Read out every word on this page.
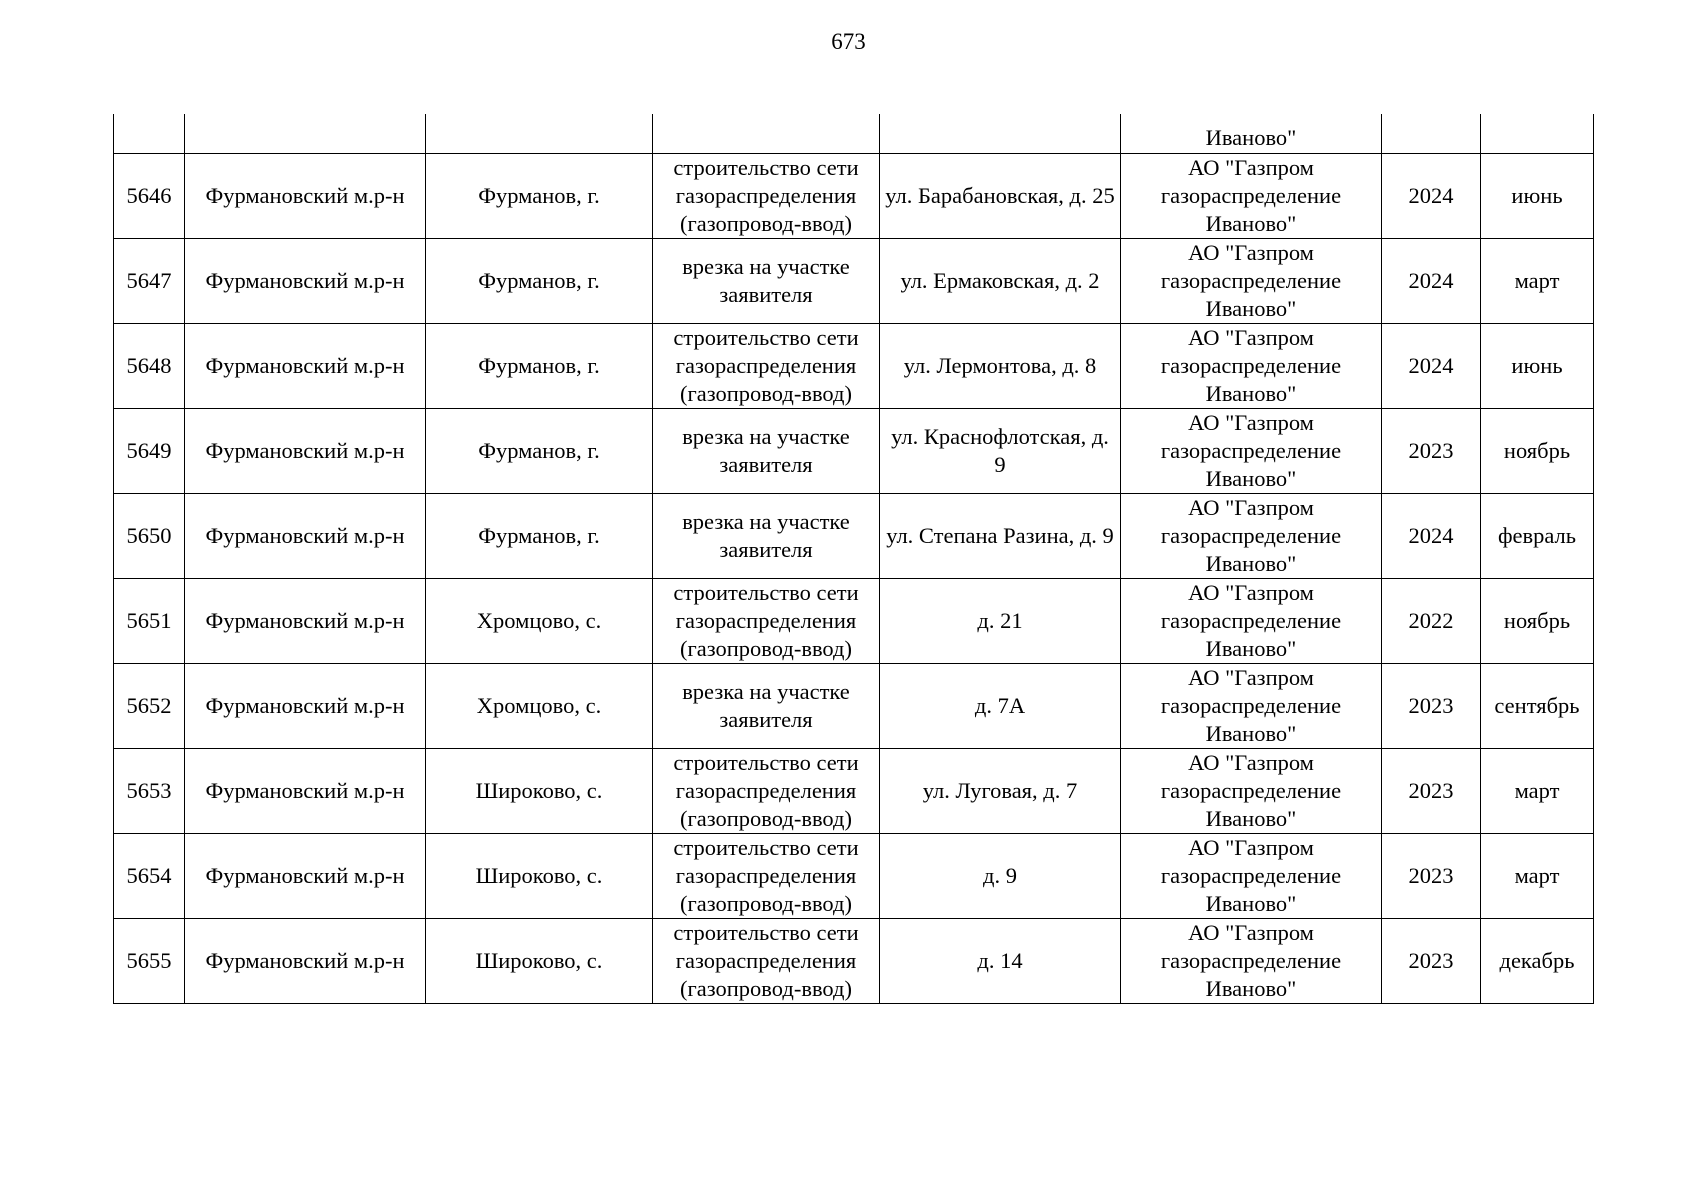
673
					Иваново"		
5646	Фурмановский м.р-н	Фурманов, г.	строительство сети газораспределения (газопровод-ввод)	ул. Барабановская, д. 25	АО "Газпром газораспределение Иваново"	2024	июнь
5647	Фурмановский м.р-н	Фурманов, г.	врезка на участке заявителя	ул. Ермаковская, д. 2	АО "Газпром газораспределение Иваново"	2024	март
5648	Фурмановский м.р-н	Фурманов, г.	строительство сети газораспределения (газопровод-ввод)	ул. Лермонтова, д. 8	АО "Газпром газораспределение Иваново"	2024	июнь
5649	Фурмановский м.р-н	Фурманов, г.	врезка на участке заявителя	ул. Краснофлотская, д. 9	АО "Газпром газораспределение Иваново"	2023	ноябрь
5650	Фурмановский м.р-н	Фурманов, г.	врезка на участке заявителя	ул. Степана Разина, д. 9	АО "Газпром газораспределение Иваново"	2024	февраль
5651	Фурмановский м.р-н	Хромцово, с.	строительство сети газораспределения (газопровод-ввод)	д. 21	АО "Газпром газораспределение Иваново"	2022	ноябрь
5652	Фурмановский м.р-н	Хромцово, с.	врезка на участке заявителя	д. 7А	АО "Газпром газораспределение Иваново"	2023	сентябрь
5653	Фурмановский м.р-н	Широково, с.	строительство сети газораспределения (газопровод-ввод)	ул. Луговая, д. 7	АО "Газпром газораспределение Иваново"	2023	март
5654	Фурмановский м.р-н	Широково, с.	строительство сети газораспределения (газопровод-ввод)	д. 9	АО "Газпром газораспределение Иваново"	2023	март
5655	Фурмановский м.р-н	Широково, с.	строительство сети газораспределения (газопровод-ввод)	д. 14	АО "Газпром газораспределение Иваново"	2023	декабрь
